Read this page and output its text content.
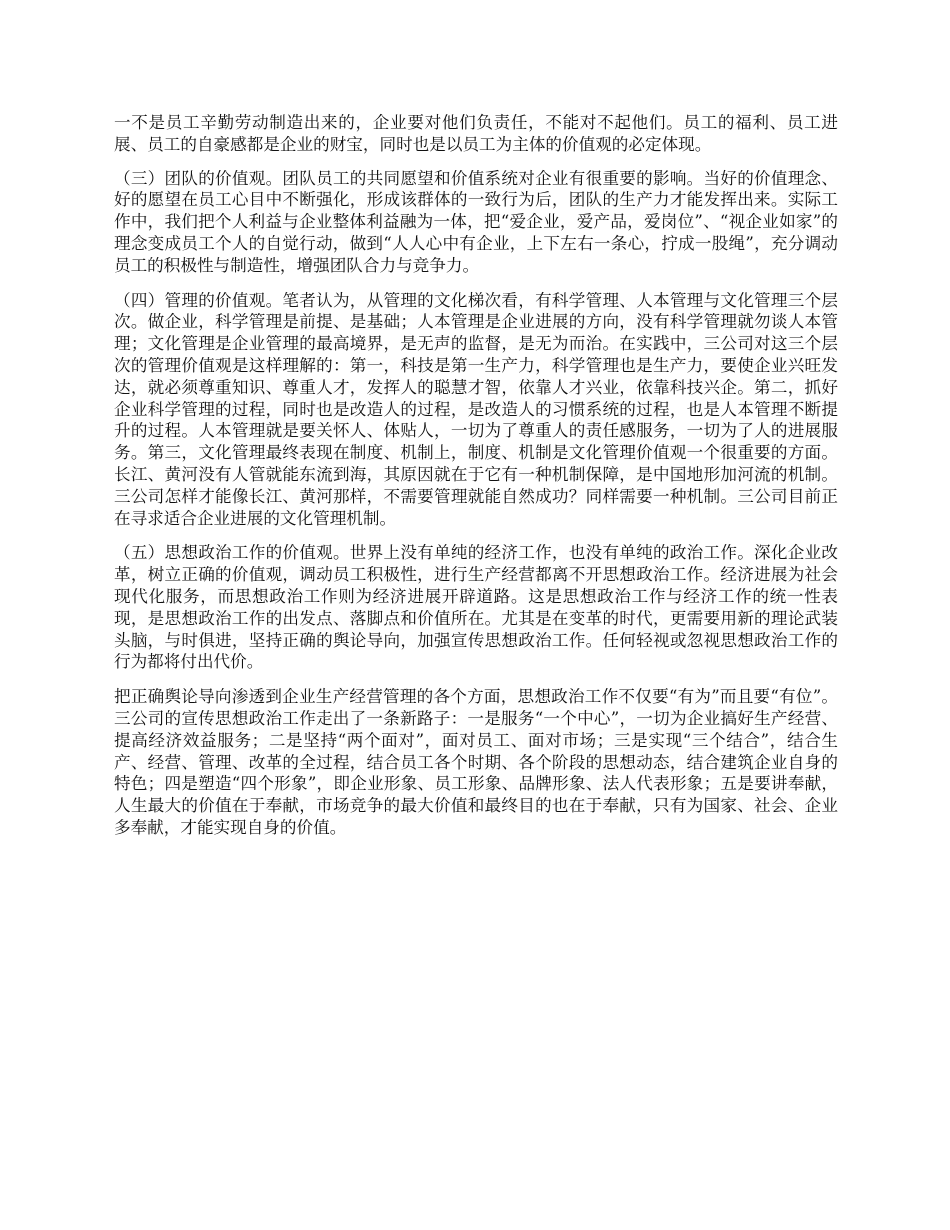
一不是员工辛勤劳动制造出来的，企业要对他们负责任，不能对不起他们。员工的福利、员工进展、员工的自豪感都是企业的财宝，同时也是以员工为主体的价值观的必定体现。

（三）团队的价值观。团队员工的共同愿望和价值系统对企业有很重要的影响。当好的价值理念、好的愿望在员工心目中不断强化，形成该群体的一致行为后，团队的生产力才能发挥出来。实际工作中，我们把个人利益与企业整体利益融为一体，把“爱企业，爱产品，爱岗位”、“视企业如家”的理念变成员工个人的自觉行动，做到“人人心中有企业，上下左右一条心，拧成一股绳”，充分调动员工的积极性与制造性，增强团队合力与竞争力。

（四）管理的价值观。笔者认为，从管理的文化梯次看，有科学管理、人本管理与文化管理三个层次。做企业，科学管理是前提、是基础；人本管理是企业进展的方向，没有科学管理就勿谈人本管理；文化管理是企业管理的最高境界，是无声的监督，是无为而治。在实践中，三公司对这三个层次的管理价值观是这样理解的：第一，科技是第一生产力，科学管理也是生产力，要使企业兴旺发达，就必须尊重知识、尊重人才，发挥人的聪慧才智，依靠人才兴业，依靠科技兴企。第二，抓好企业科学管理的过程，同时也是改造人的过程，是改造人的习惯系统的过程，也是人本管理不断提升的过程。人本管理就是要关怀人、体贴人，一切为了尊重人的责任感服务，一切为了人的进展服务。第三，文化管理最终表现在制度、机制上，制度、机制是文化管理价值观一个很重要的方面。长江、黄河没有人管就能东流到海，其原因就在于它有一种机制保障，是中国地形加河流的机制。三公司怎样才能像长江、黄河那样，不需要管理就能自然成功？同样需要一种机制。三公司目前正在寻求适合企业进展的文化管理机制。

（五）思想政治工作的价值观。世界上没有单纯的经济工作，也没有单纯的政治工作。深化企业改革，树立正确的价值观，调动员工积极性，进行生产经营都离不开思想政治工作。经济进展为社会现代化服务，而思想政治工作则为经济进展开辟道路。这是思想政治工作与经济工作的统一性表现，是思想政治工作的出发点、落脚点和价值所在。尤其是在变革的时代，更需要用新的理论武装头脑，与时俱进，坚持正确的舆论导向，加强宣传思想政治工作。任何轻视或忽视思想政治工作的行为都将付出代价。

把正确舆论导向渗透到企业生产经营管理的各个方面，思想政治工作不仅要“有为”而且要“有位”。三公司的宣传思想政治工作走出了一条新路子：一是服务“一个中心”，一切为企业搞好生产经营、提高经济效益服务；二是坚持“两个面对”，面对员工、面对市场；三是实现“三个结合”，结合生产、经营、管理、改革的全过程，结合员工各个时期、各个阶段的思想动态，结合建筑企业自身的特色；四是塑造“四个形象”，即企业形象、员工形象、品牌形象、法人代表形象；五是要讲奉献，人生最大的价值在于奉献，市场竞争的最大价值和最终目的也在于奉献，只有为国家、社会、企业多奉献，才能实现自身的价值。
